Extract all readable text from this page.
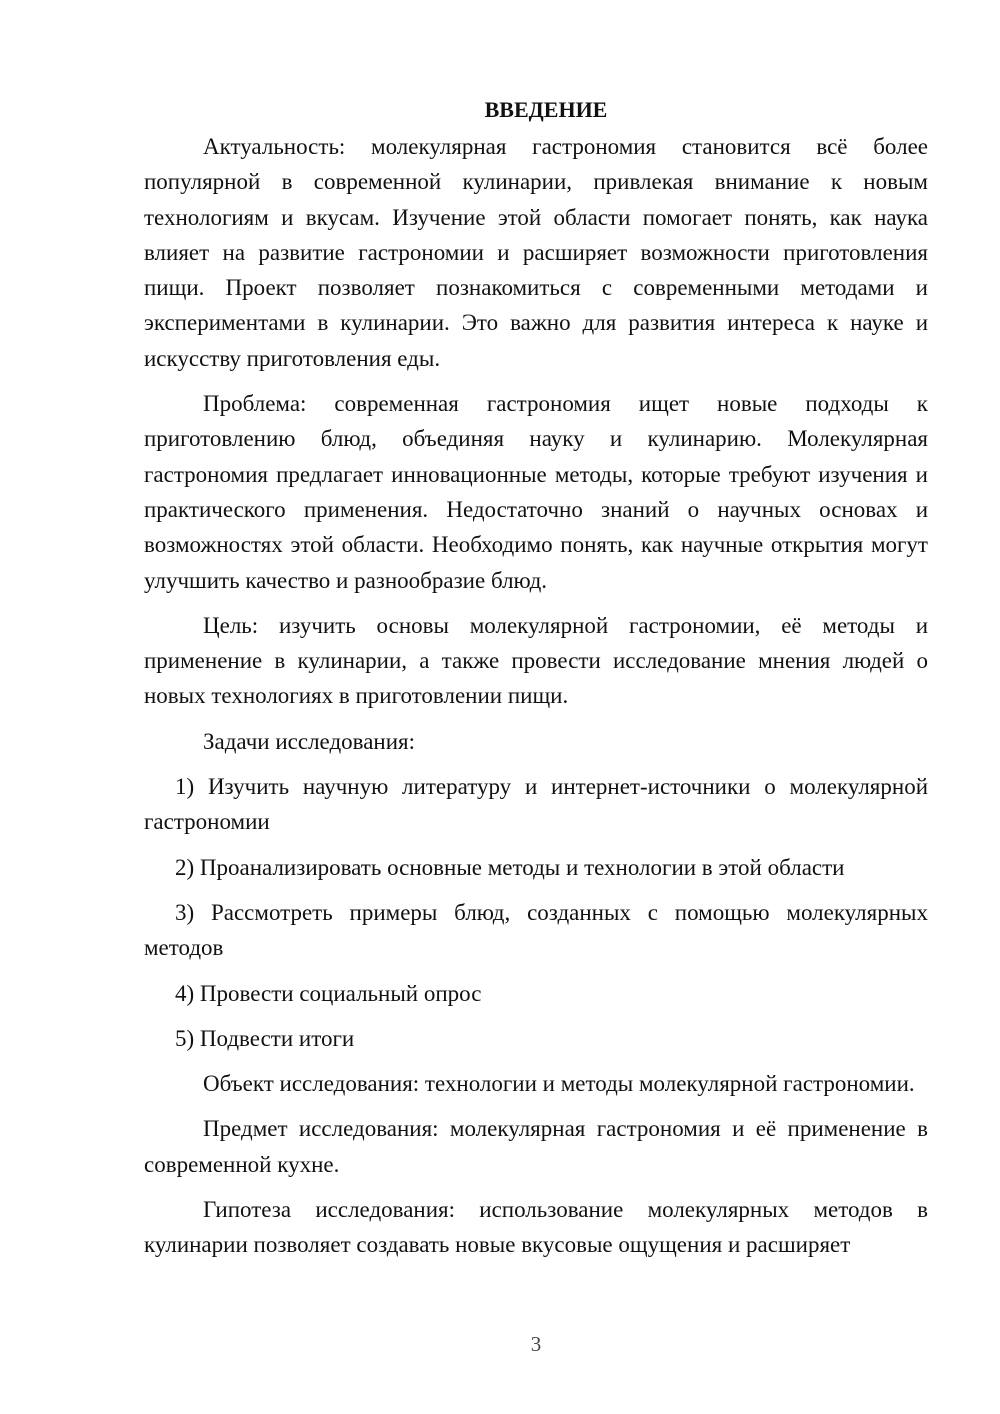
ВВЕДЕНИЕ

Актуальность: молекулярная гастрономия становится всё более популярной в современной кулинарии, привлекая внимание к новым технологиям и вкусам. Изучение этой области помогает понять, как наука влияет на развитие гастрономии и расширяет возможности приготовления пищи. Проект позволяет познакомиться с современными методами и экспериментами в кулинарии. Это важно для развития интереса к науке и искусству приготовления еды.

Проблема: современная гастрономия ищет новые подходы к приготовлению блюд, объединяя науку и кулинарию. Молекулярная гастрономия предлагает инновационные методы, которые требуют изучения и практического применения. Недостаточно знаний о научных основах и возможностях этой области. Необходимо понять, как научные открытия могут улучшить качество и разнообразие блюд.

Цель: изучить основы молекулярной гастрономии, её методы и применение в кулинарии, а также провести исследование мнения людей о новых технологиях в приготовлении пищи.

Задачи исследования:

1) Изучить научную литературу и интернет-источники о молекулярной гастрономии

2) Проанализировать основные методы и технологии в этой области

3) Рассмотреть примеры блюд, созданных с помощью молекулярных методов

4) Провести социальный опрос

5) Подвести итоги

Объект исследования: технологии и методы молекулярной гастрономии.

Предмет исследования: молекулярная гастрономия и её применение в современной кухне.

Гипотеза исследования: использование молекулярных методов в кулинарии позволяет создавать новые вкусовые ощущения и расширяет

3
